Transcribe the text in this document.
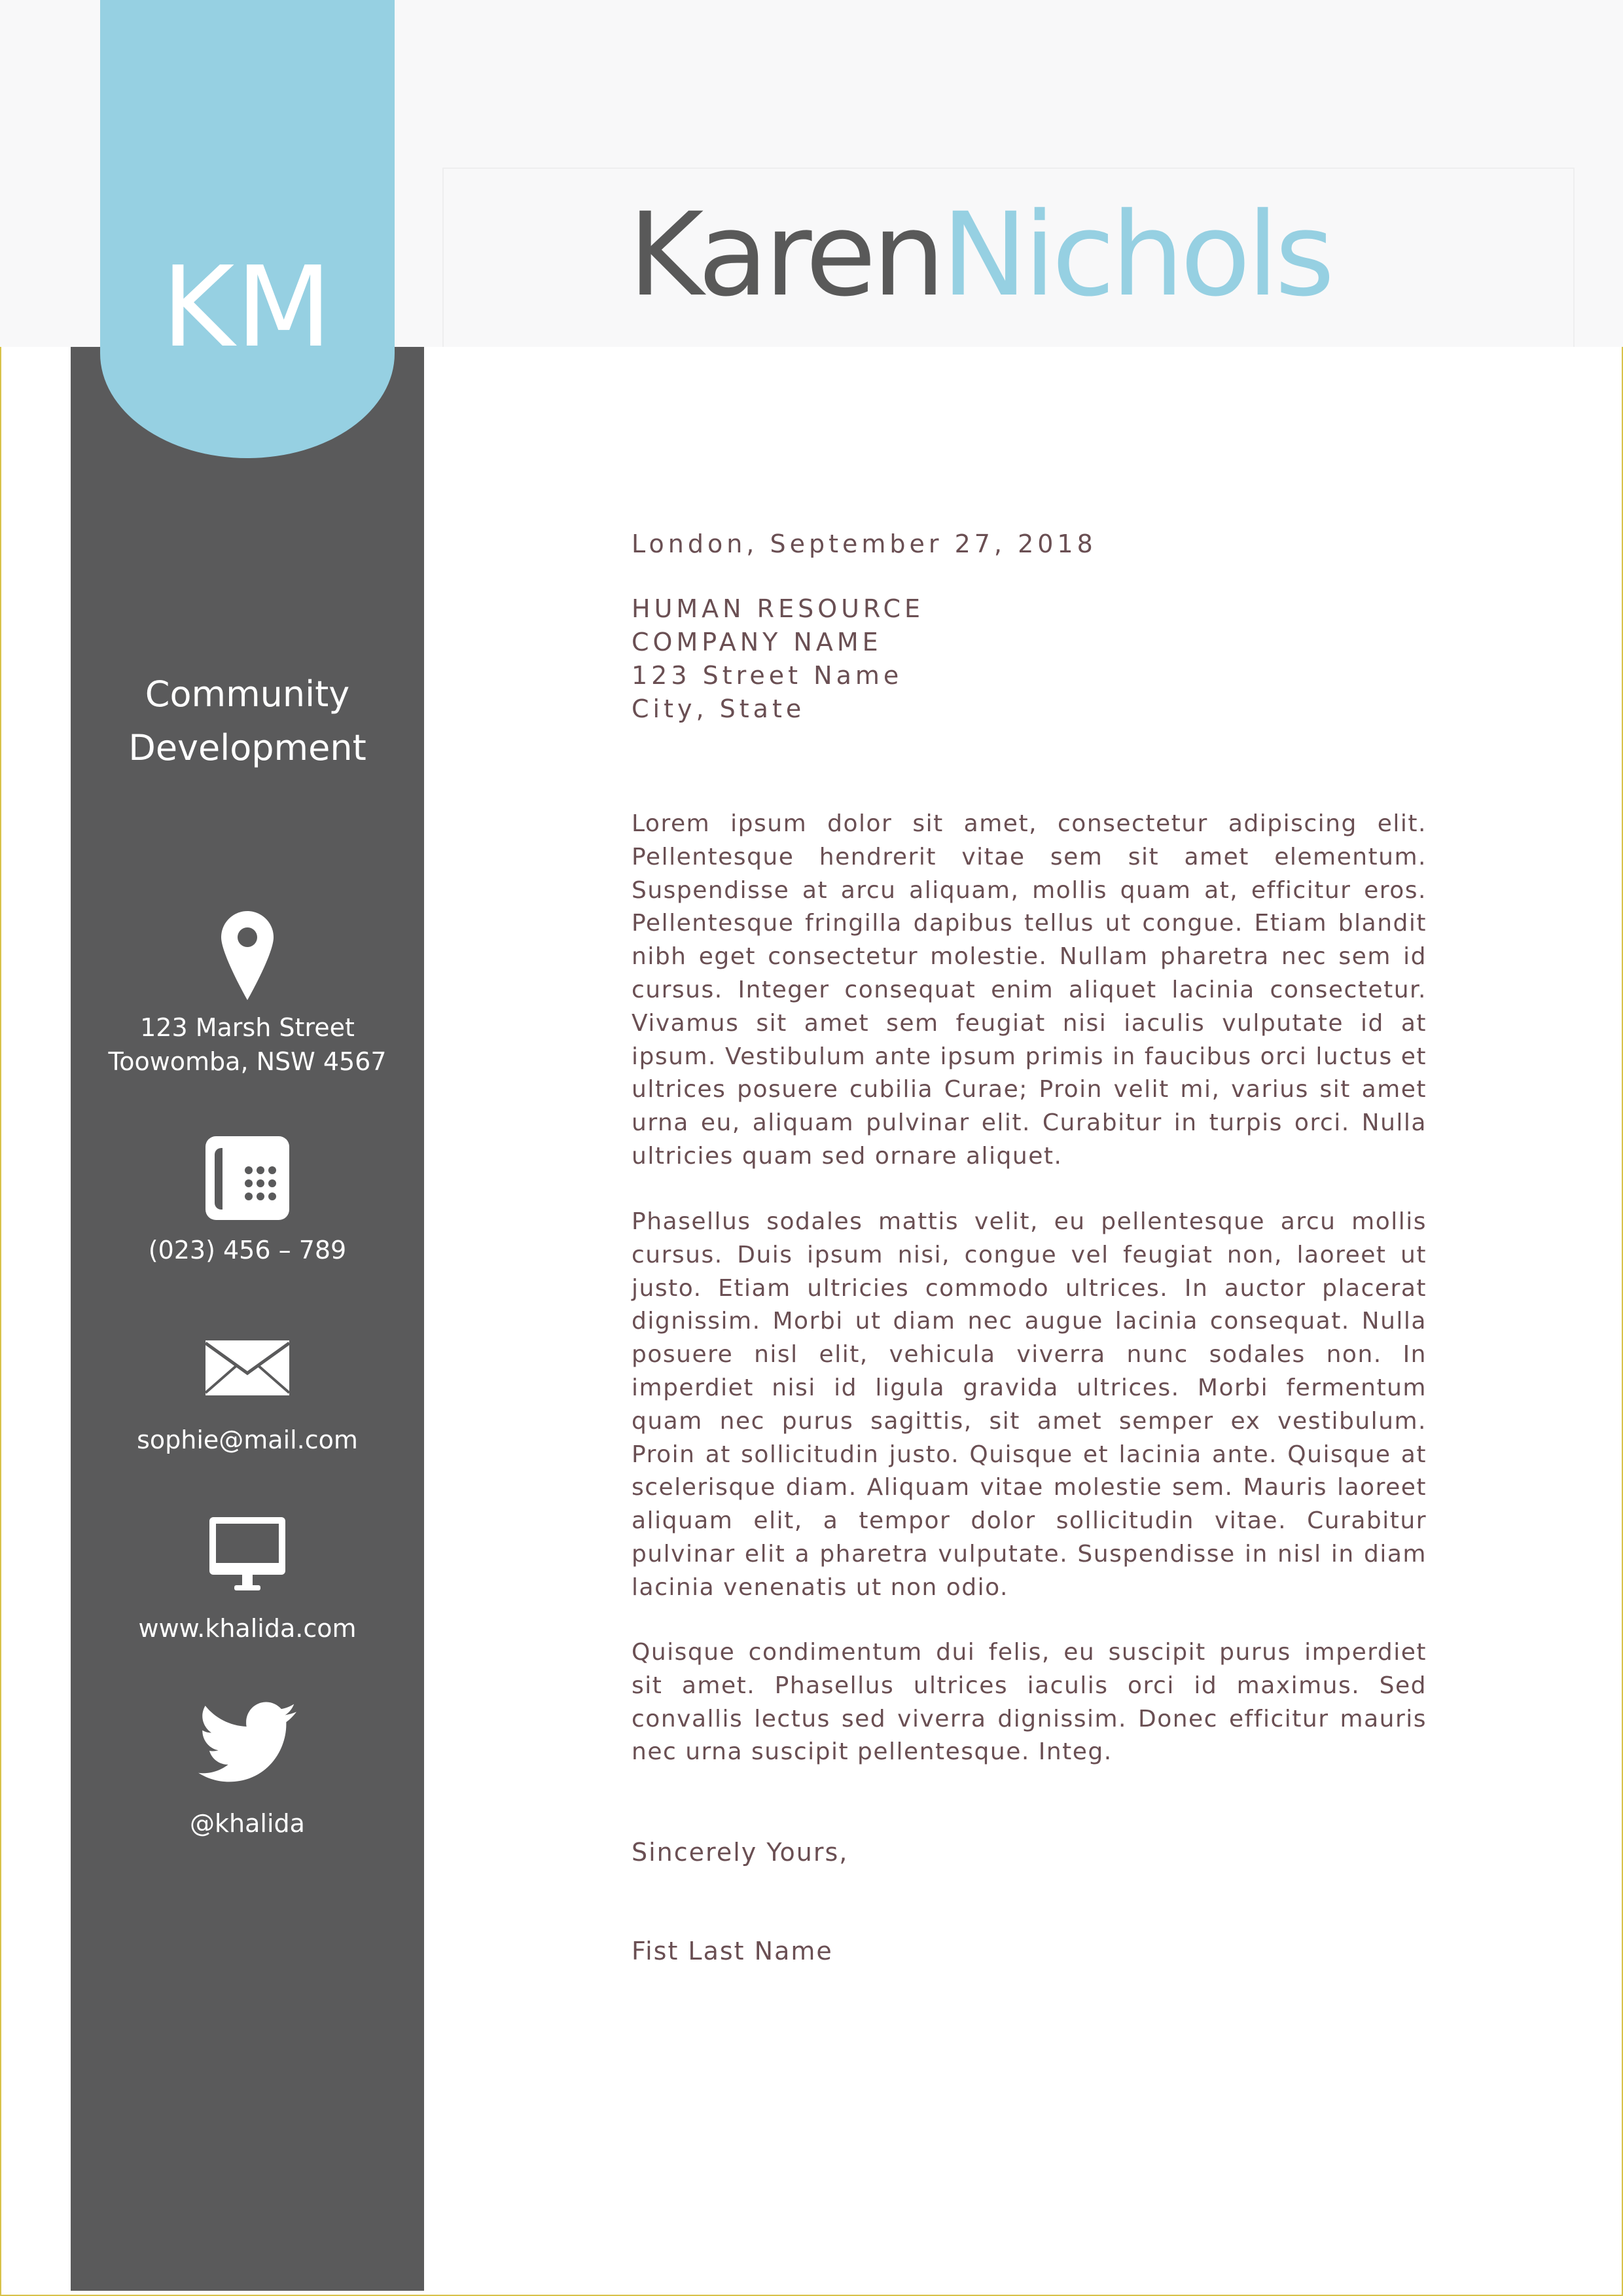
KarenNichols
KM
Community
Development
123 Marsh Street
Toowomba, NSW 4567
(023) 456 – 789
sophie@mail.com
www.khalida.com
@khalida
London, September 27, 2018
HUMAN RESOURCE
COMPANY NAME
123 Street Name
City, State
Lorem ipsum dolor sit amet, consectetur adipiscing elit. Pellentesque hendrerit vitae sem sit amet elementum. Suspendisse at arcu aliquam, mollis quam at, efficitur eros. Pellentesque fringilla dapibus tellus ut congue. Etiam blandit nibh eget consectetur molestie. Nullam pharetra nec sem id cursus. Integer consequat enim aliquet lacinia consectetur. Vivamus sit amet sem feugiat nisi iaculis vulputate id at ipsum. Vestibulum ante ipsum primis in faucibus orci luctus et ultrices posuere cubilia Curae; Proin velit mi, varius sit amet urna eu, aliquam pulvinar elit. Curabitur in turpis orci. Nulla ultricies quam sed ornare aliquet.
Phasellus sodales mattis velit, eu pellentesque arcu mollis cursus. Duis ipsum nisi, congue vel feugiat non, laoreet ut justo. Etiam ultricies commodo ultrices. In auctor placerat dignissim. Morbi ut diam nec augue lacinia consequat. Nulla posuere nisl elit, vehicula viverra nunc sodales non. In imperdiet nisi id ligula gravida ultrices. Morbi fermentum quam nec purus sagittis, sit amet semper ex vestibulum. Proin at sollicitudin justo. Quisque et lacinia ante. Quisque at scelerisque diam. Aliquam vitae molestie sem. Mauris laoreet aliquam elit, a tempor dolor sollicitudin vitae. Curabitur pulvinar elit a pharetra vulputate. Suspendisse in nisl in diam lacinia venenatis ut non odio.
Quisque condimentum dui felis, eu suscipit purus imperdiet sit amet. Phasellus ultrices iaculis orci id maximus. Sed convallis lectus sed viverra dignissim. Donec efficitur mauris nec urna suscipit pellentesque. Integ.
Sincerely Yours,
Fist Last Name
